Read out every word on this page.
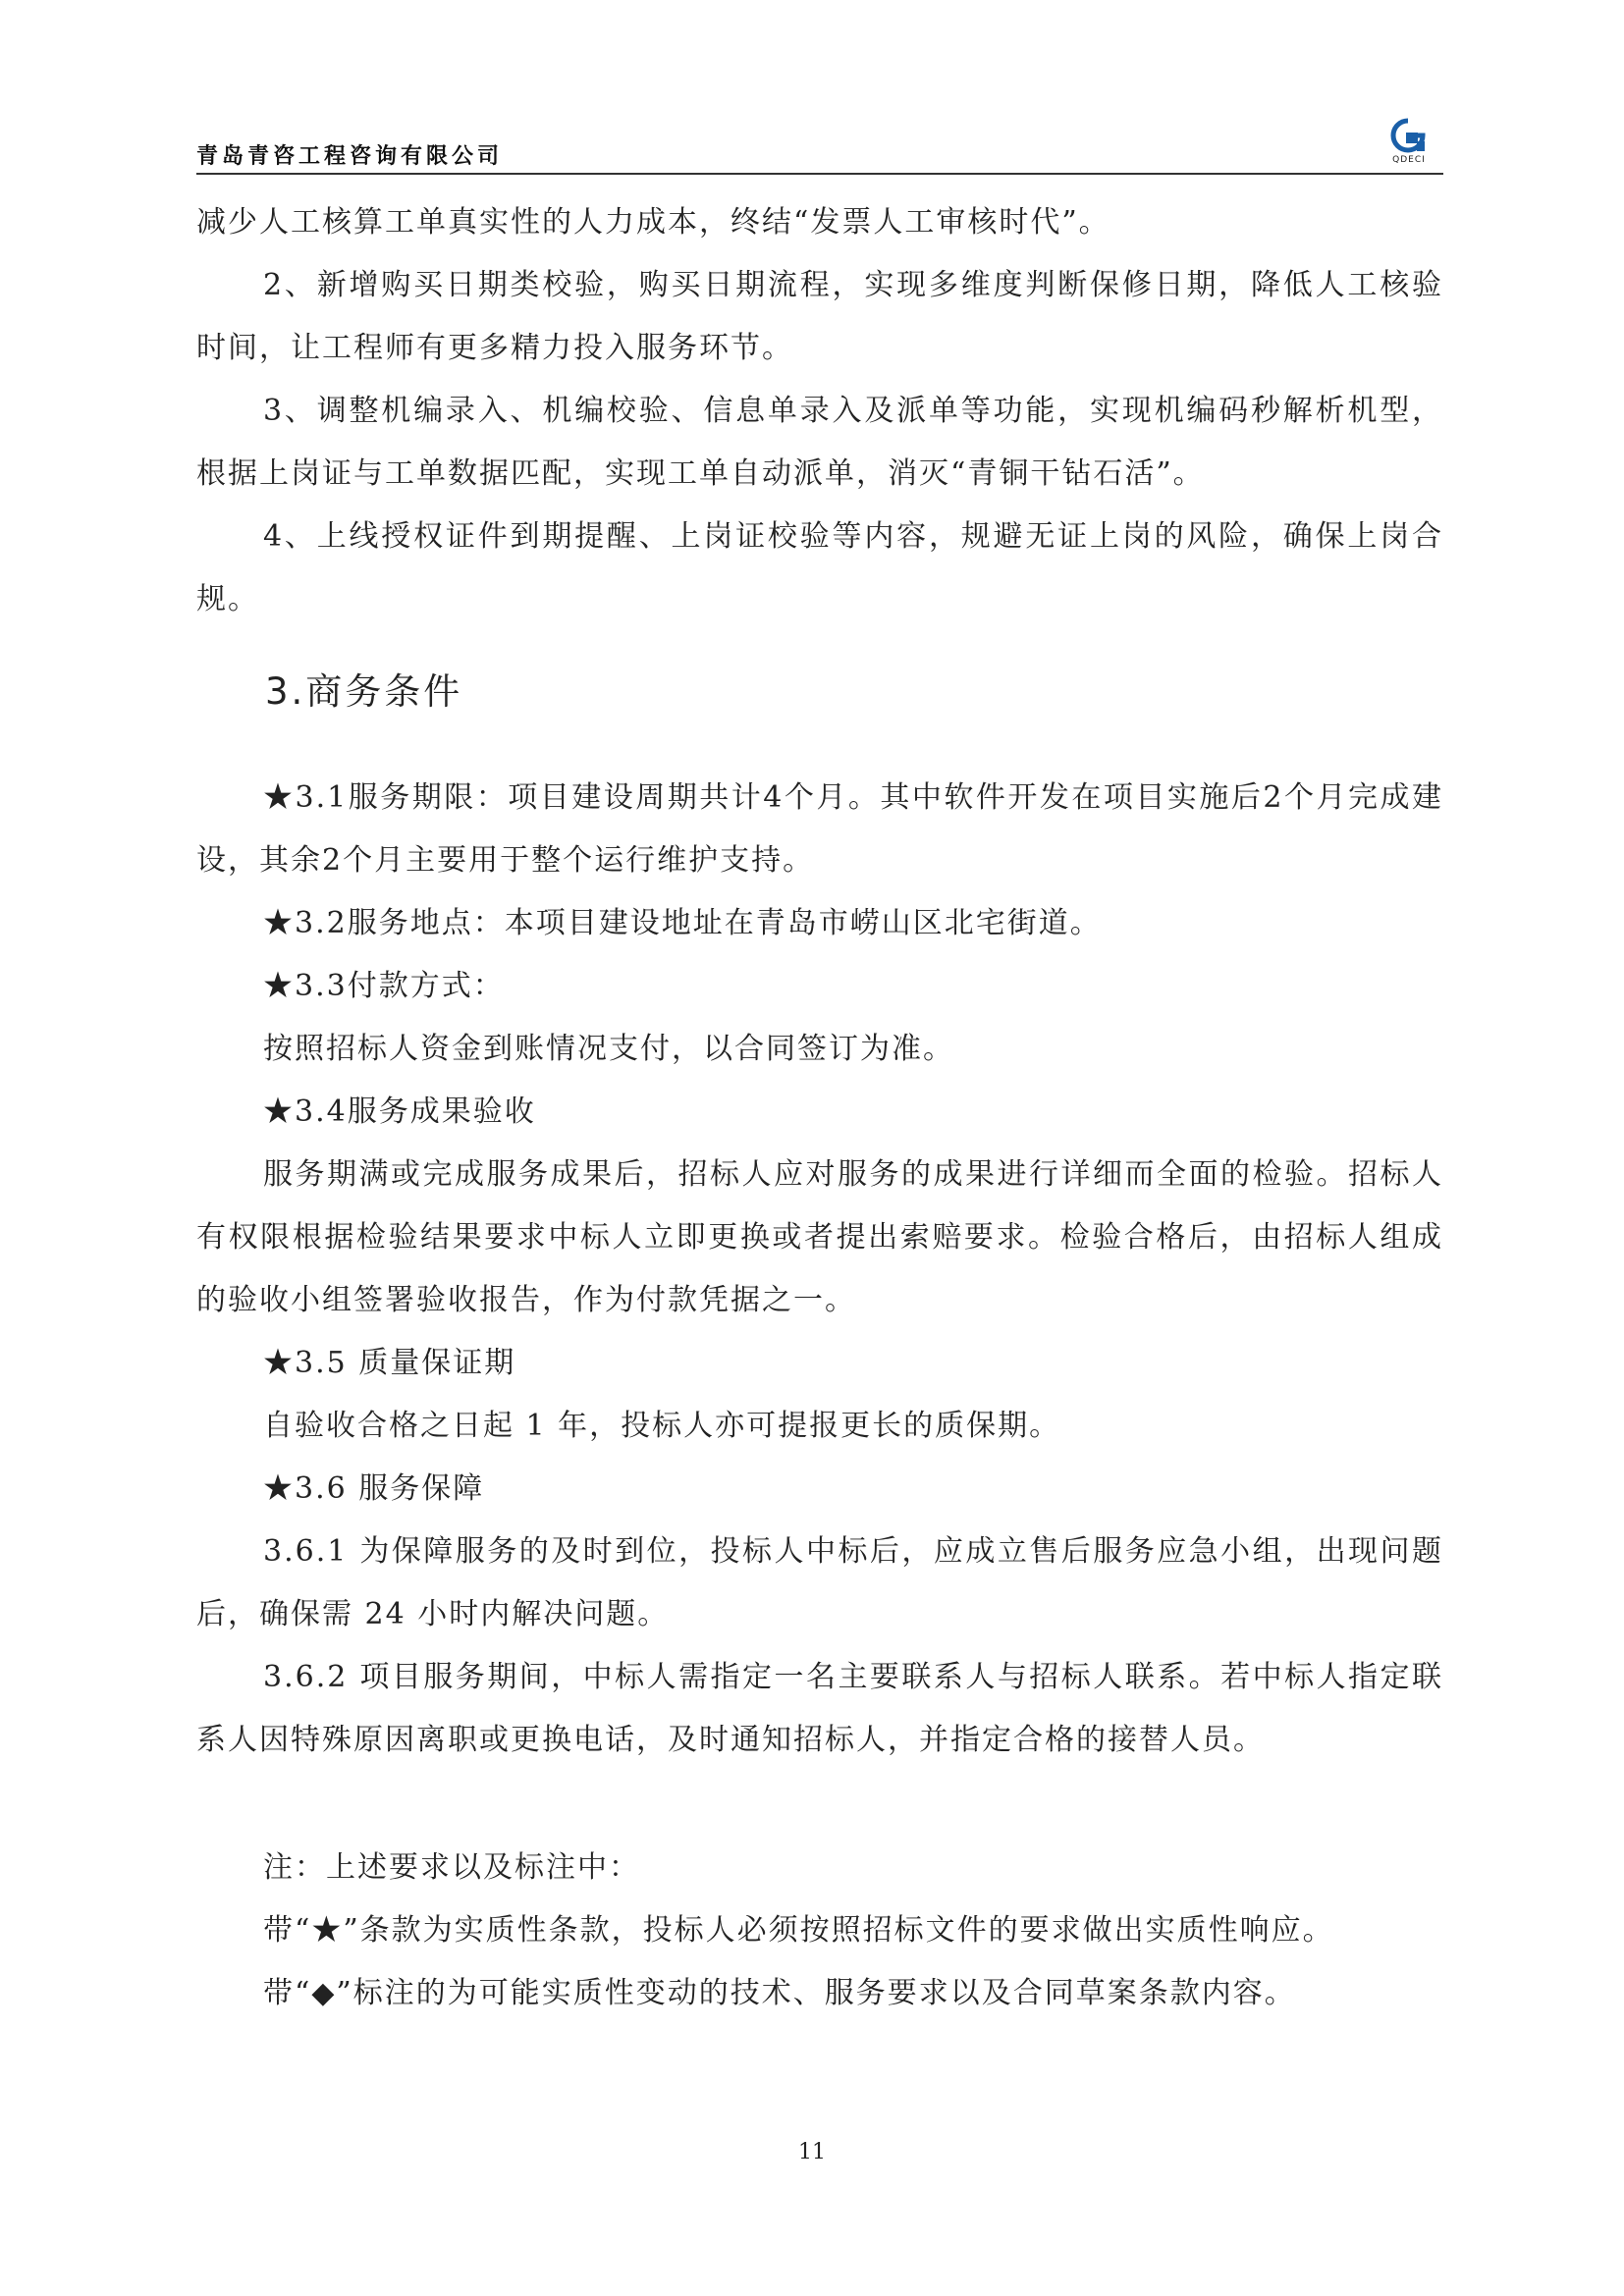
青岛青咨工程咨询有限公司	QDECI

减少人工核算工单真实性的人力成本，终结“发票人工审核时代”。

2、新增购买日期类校验，购买日期流程，实现多维度判断保修日期，降低人工核验时间，让工程师有更多精力投入服务环节。

3、调整机编录入、机编校验、信息单录入及派单等功能，实现机编码秒解析机型，根据上岗证与工单数据匹配，实现工单自动派单，消灭“青铜干钻石活”。

4、上线授权证件到期提醒、上岗证校验等内容，规避无证上岗的风险，确保上岗合规。

3.商务条件

★3.1服务期限：项目建设周期共计4个月。其中软件开发在项目实施后2个月完成建设，其余2个月主要用于整个运行维护支持。

★3.2服务地点：本项目建设地址在青岛市崂山区北宅街道。

★3.3付款方式：

按照招标人资金到账情况支付，以合同签订为准。

★3.4服务成果验收

服务期满或完成服务成果后，招标人应对服务的成果进行详细而全面的检验。招标人有权限根据检验结果要求中标人立即更换或者提出索赔要求。检验合格后，由招标人组成的验收小组签署验收报告，作为付款凭据之一。

★3.5 质量保证期

自验收合格之日起 1 年，投标人亦可提报更长的质保期。

★3.6 服务保障

3.6.1 为保障服务的及时到位，投标人中标后，应成立售后服务应急小组，出现问题后，确保需 24 小时内解决问题。

3.6.2 项目服务期间，中标人需指定一名主要联系人与招标人联系。若中标人指定联系人因特殊原因离职或更换电话，及时通知招标人，并指定合格的接替人员。

注：上述要求以及标注中：

带“★”条款为实质性条款，投标人必须按照招标文件的要求做出实质性响应。

带“◆”标注的为可能实质性变动的技术、服务要求以及合同草案条款内容。

11
